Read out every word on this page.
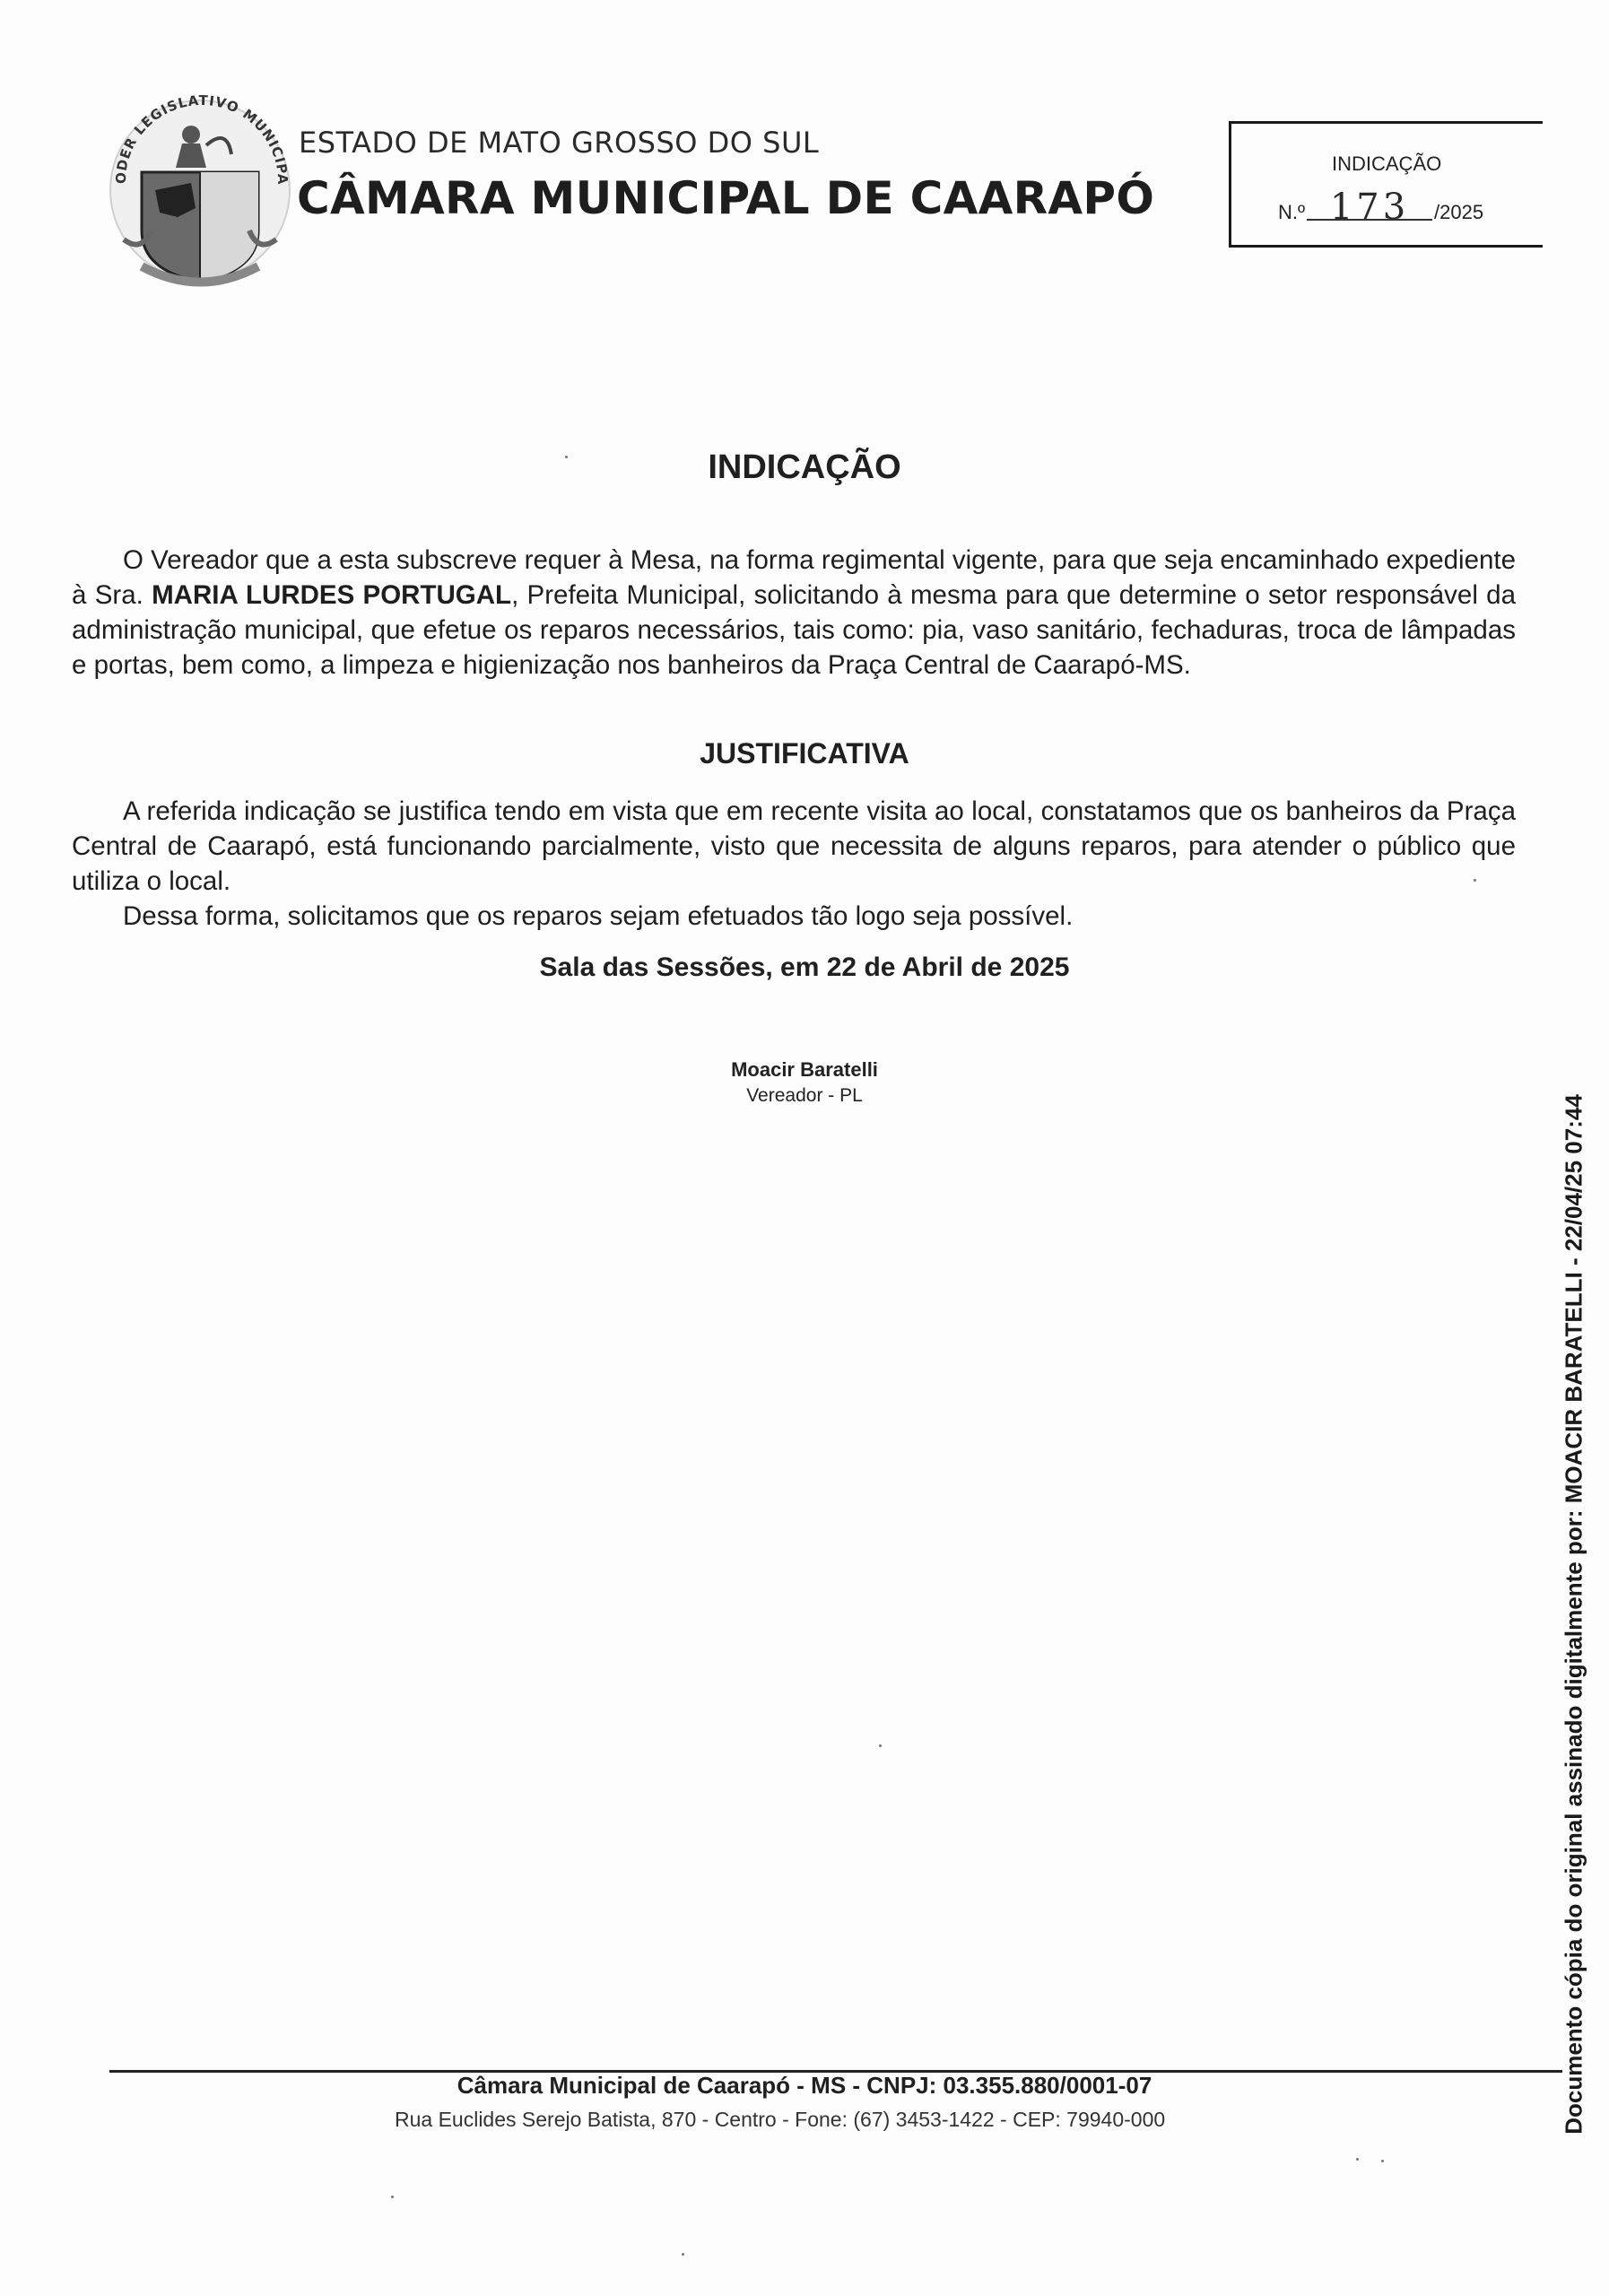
ODER LEGISLATIVO MUNICIPA
ESTADO DE MATO GROSSO DO SUL
CÂMARA MUNICIPAL DE CAARAPÓ
INDICAÇÃO
N.º 173 /2025
INDICAÇÃO
O Vereador que a esta subscreve requer à Mesa, na forma regimental vigente, para que seja encaminhado expediente à Sra. MARIA LURDES PORTUGAL, Prefeita Municipal, solicitando à mesma para que determine o setor responsável da administração municipal, que efetue os reparos necessários, tais como: pia, vaso sanitário, fechaduras, troca de lâmpadas e portas, bem como, a limpeza e higienização nos banheiros da Praça Central de Caarapó-MS.
JUSTIFICATIVA
A referida indicação se justifica tendo em vista que em recente visita ao local, constatamos que os banheiros da Praça Central de Caarapó, está funcionando parcialmente, visto que necessita de alguns reparos, para atender o público que utiliza o local.
Dessa forma, solicitamos que os reparos sejam efetuados tão logo seja possível.
Sala das Sessões, em 22 de Abril de 2025
Moacir Baratelli
Vereador - PL
Câmara Municipal de Caarapó - MS - CNPJ: 03.355.880/0001-07
Rua Euclides Serejo Batista, 870 - Centro - Fone: (67) 3453-1422 - CEP: 79940-000	Documento cópia do original assinado digitalmente por: MOACIR BARATELLI - 22/04/25 07:44
